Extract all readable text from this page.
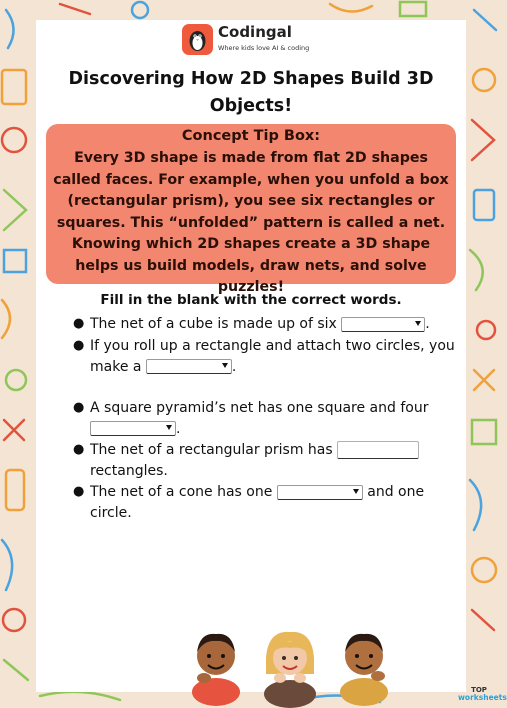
Codingal
Where kids love AI & coding
Discovering How 2D Shapes Build 3D Objects!
Concept Tip Box:
Every 3D shape is made from flat 2D shapes called faces. For example, when you unfold a box (rectangular prism), you see six rectangles or squares. This “unfolded” pattern is called a net. Knowing which 2D shapes create a 3D shape helps us build models, draw nets, and solve puzzles!
Fill in the blank with the correct words.
● The net of a cube is made up of six	.
● If you roll up a rectangle and attach two circles, you make a	.
● A square pyramid’s net has one square and four
.
● The net of a rectangular prism has  rectangles.
● The net of a cone has one	and one circle.
TOP
worksheets
